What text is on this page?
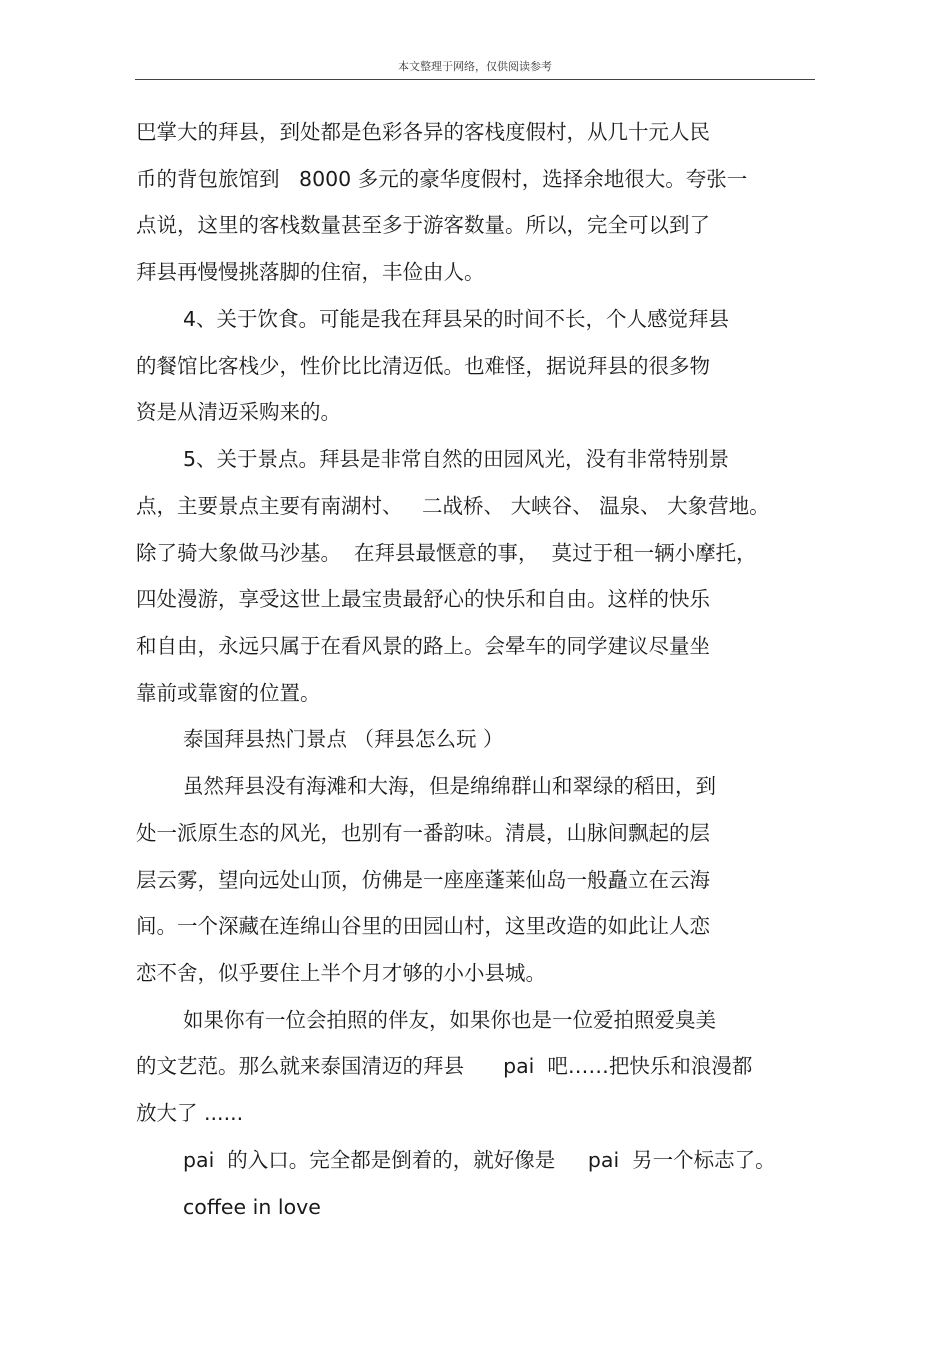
本文整理于网络，仅供阅读参考
巴掌大的拜县，到处都是色彩各异的客栈度假村，从几十元人民
币的背包旅馆到   8000 多元的豪华度假村，选择余地很大。夸张一
点说，这里的客栈数量甚至多于游客数量。所以，完全可以到了
拜县再慢慢挑落脚的住宿，丰俭由人。
4、关于饮食。可能是我在拜县呆的时间不长，个人感觉拜县
的餐馆比客栈少，性价比比清迈低。也难怪，据说拜县的很多物
资是从清迈采购来的。
5、关于景点。拜县是非常自然的田园风光，没有非常特别景
点，主要景点主要有南湖村、   二战桥、 大峡谷、 温泉、 大象营地。
除了骑大象做马沙基。  在拜县最惬意的事，  莫过于租一辆小摩托，
四处漫游，享受这世上最宝贵最舒心的快乐和自由。这样的快乐
和自由，永远只属于在看风景的路上。会晕车的同学建议尽量坐
靠前或靠窗的位置。
泰国拜县热门景点 （拜县怎么玩 ）
虽然拜县没有海滩和大海，但是绵绵群山和翠绿的稻田，到
处一派原生态的风光，也别有一番韵味。清晨，山脉间飘起的层
层云雾，望向远处山顶，仿佛是一座座蓬莱仙岛一般矗立在云海
间。一个深藏在连绵山谷里的田园山村，这里改造的如此让人恋
恋不舍，似乎要住上半个月才够的小小县城。
如果你有一位会拍照的伴友，如果你也是一位爱拍照爱臭美
的文艺范。那么就来泰国清迈的拜县      pai  吧……把快乐和浪漫都
放大了 ......
pai  的入口。完全都是倒着的，就好像是     pai  另一个标志了。
coffee in love
